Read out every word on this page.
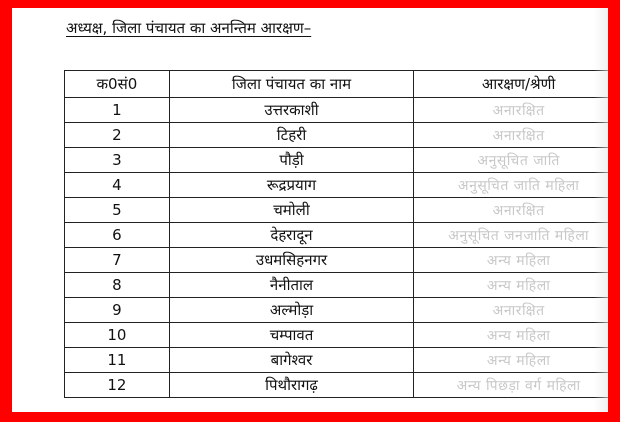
अध्यक्ष, जिला पंचायत का अनन्तिम आरक्षण–
क0सं0	जिला पंचायत का नाम	आरक्षण/श्रेणी
1	उत्तरकाशी	अनारक्षित
2	टिहरी	अनारक्षित
3	पौड़ी	अनुसूचित जाति
4	रूद्रप्रयाग	अनुसूचित जाति महिला
5	चमोली	अनारक्षित
6	देहरादून	अनुसूचित जनजाति महिला
7	उधमसिहनगर	अन्य महिला
8	नैनीताल	अन्य महिला
9	अल्मोड़ा	अनारक्षित
10	चम्पावत	अन्य महिला
11	बागेश्वर	अन्य महिला
12	पिथौरागढ़	अन्य पिछड़ा वर्ग महिला
